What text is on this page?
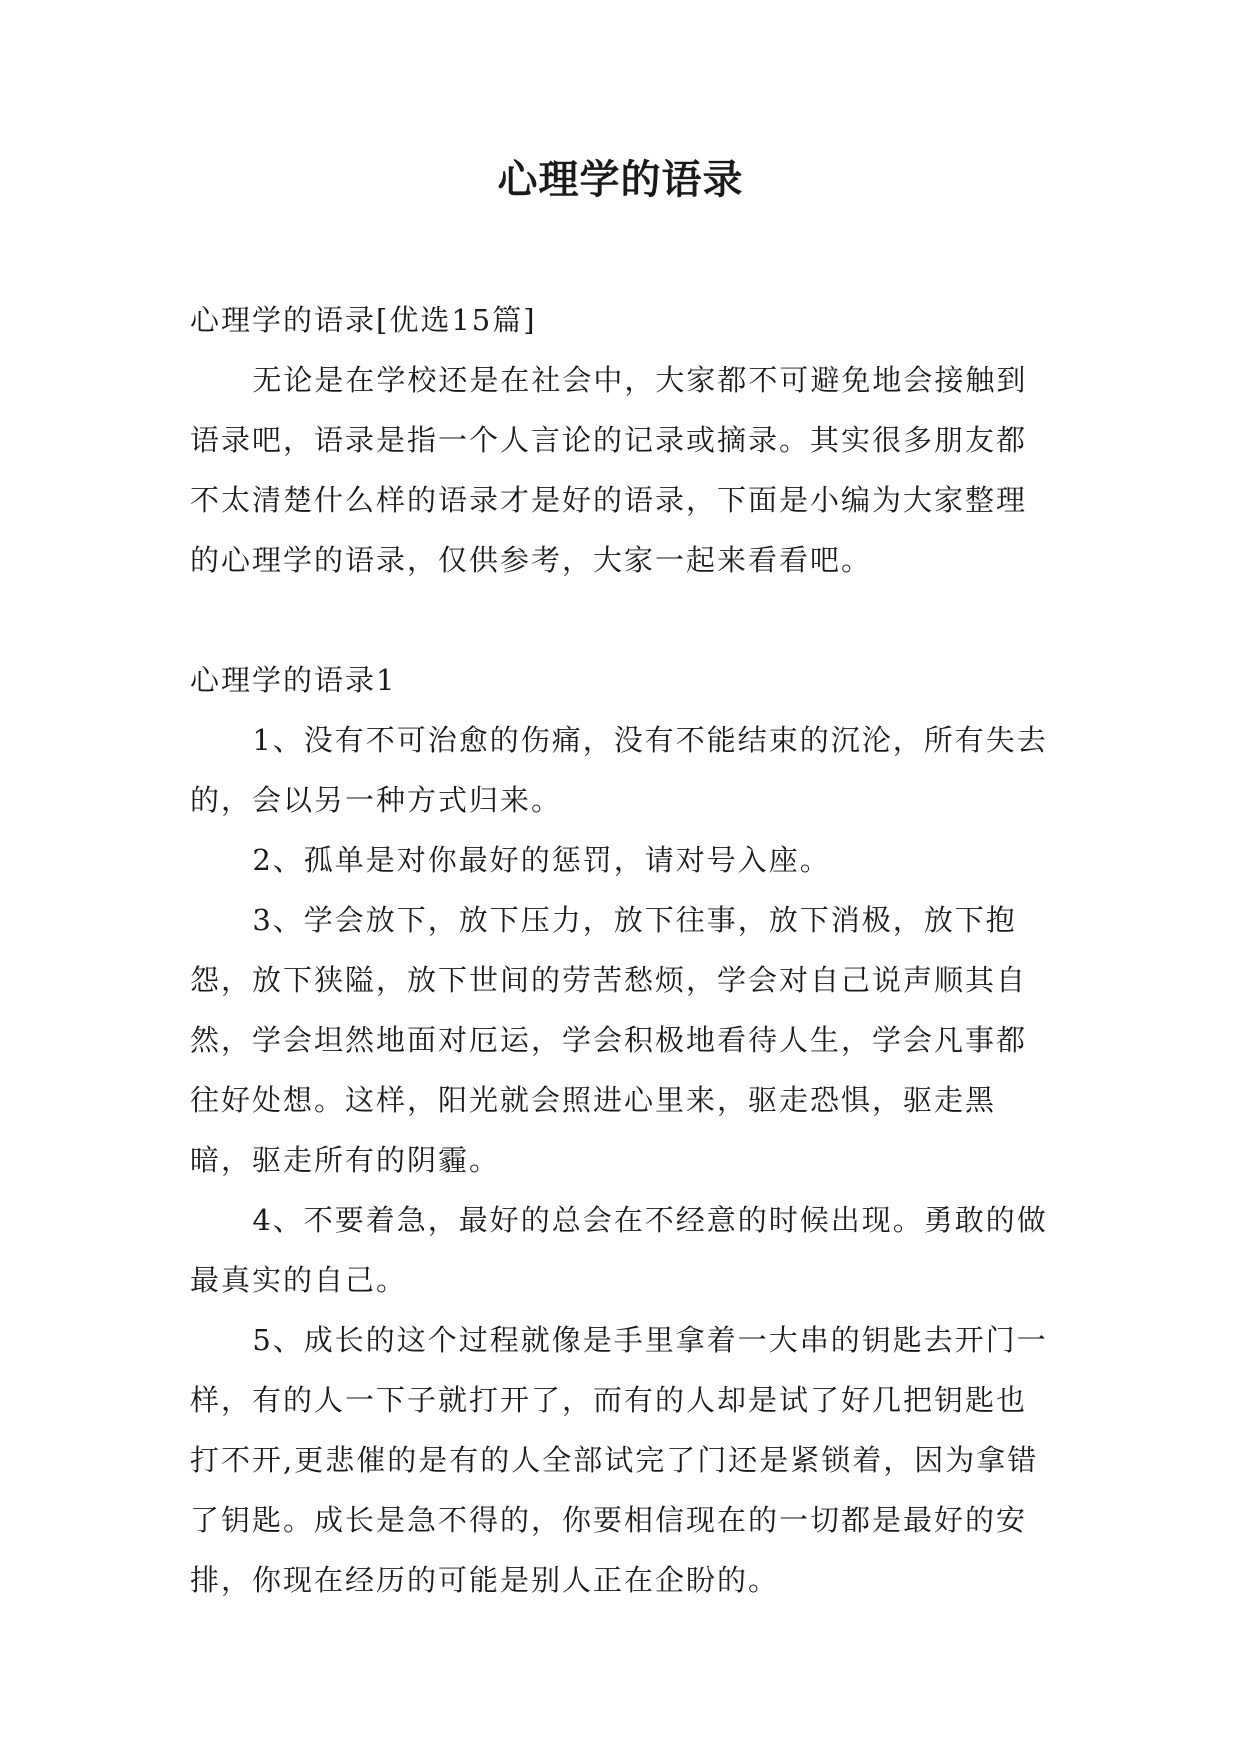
心理学的语录

心理学的语录[优选15篇]

无论是在学校还是在社会中，大家都不可避免地会接触到语录吧，语录是指一个人言论的记录或摘录。其实很多朋友都不太清楚什么样的语录才是好的语录，下面是小编为大家整理的心理学的语录，仅供参考，大家一起来看看吧。

心理学的语录1

1、没有不可治愈的伤痛，没有不能结束的沉沦，所有失去的，会以另一种方式归来。

2、孤单是对你最好的惩罚，请对号入座。

3、学会放下，放下压力，放下往事，放下消极，放下抱怨，放下狭隘，放下世间的劳苦愁烦，学会对自己说声顺其自然，学会坦然地面对厄运，学会积极地看待人生，学会凡事都往好处想。这样，阳光就会照进心里来，驱走恐惧，驱走黑暗，驱走所有的阴霾。

4、不要着急，最好的总会在不经意的时候出现。勇敢的做最真实的自己。

5、成长的这个过程就像是手里拿着一大串的钥匙去开门一样，有的人一下子就打开了，而有的人却是试了好几把钥匙也打不开,更悲催的是有的人全部试完了门还是紧锁着，因为拿错了钥匙。成长是急不得的，你要相信现在的一切都是最好的安排，你现在经历的可能是别人正在企盼的。
